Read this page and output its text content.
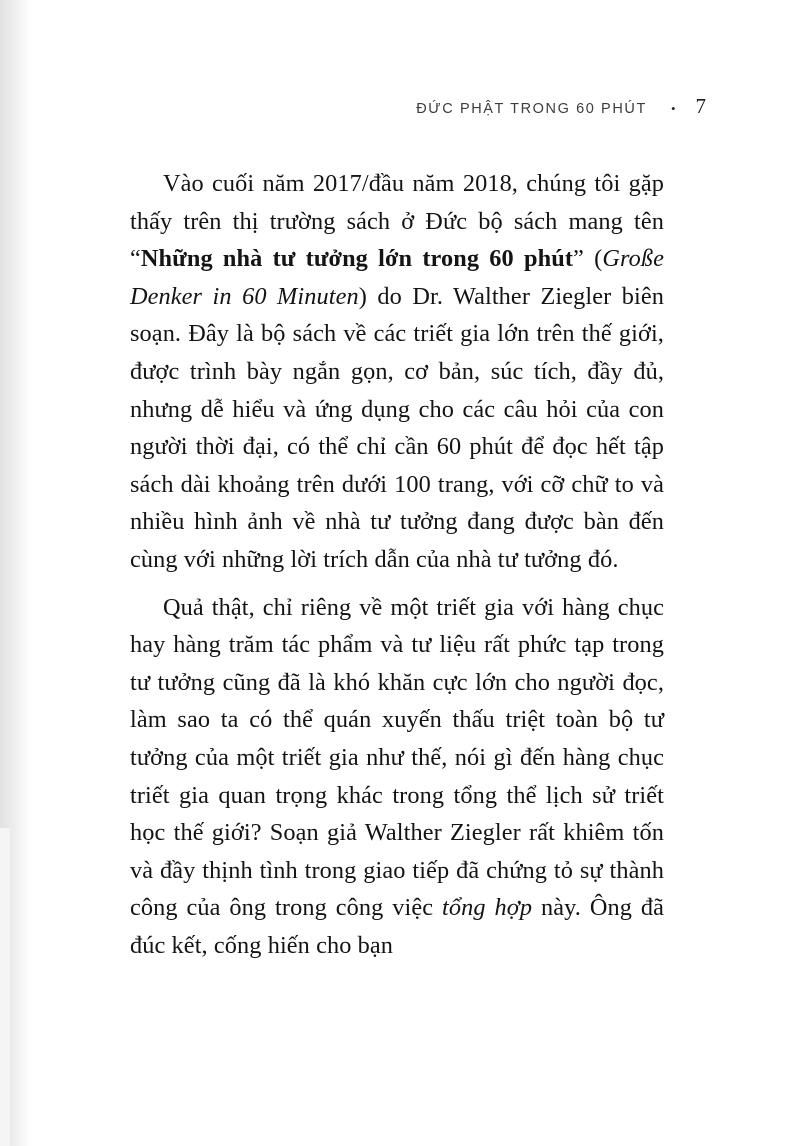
ĐỨC PHẬT TRONG 60 PHÚT • 7

Vào cuối năm 2017/đầu năm 2018, chúng tôi gặp thấy trên thị trường sách ở Đức bộ sách mang tên “Những nhà tư tưởng lớn trong 60 phút” (Große Denker in 60 Minuten) do Dr. Walther Ziegler biên soạn. Đây là bộ sách về các triết gia lớn trên thế giới, được trình bày ngắn gọn, cơ bản, súc tích, đầy đủ, nhưng dễ hiểu và ứng dụng cho các câu hỏi của con người thời đại, có thể chỉ cần 60 phút để đọc hết tập sách dài khoảng trên dưới 100 trang, với cỡ chữ to và nhiều hình ảnh về nhà tư tưởng đang được bàn đến cùng với những lời trích dẫn của nhà tư tưởng đó.

Quả thật, chỉ riêng về một triết gia với hàng chục hay hàng trăm tác phẩm và tư liệu rất phức tạp trong tư tưởng cũng đã là khó khăn cực lớn cho người đọc, làm sao ta có thể quán xuyến thấu triệt toàn bộ tư tưởng của một triết gia như thế, nói gì đến hàng chục triết gia quan trọng khác trong tổng thể lịch sử triết học thế giới? Soạn giả Walther Ziegler rất khiêm tốn và đầy thịnh tình trong giao tiếp đã chứng tỏ sự thành công của ông trong công việc tổng hợp này. Ông đã đúc kết, cống hiến cho bạn
